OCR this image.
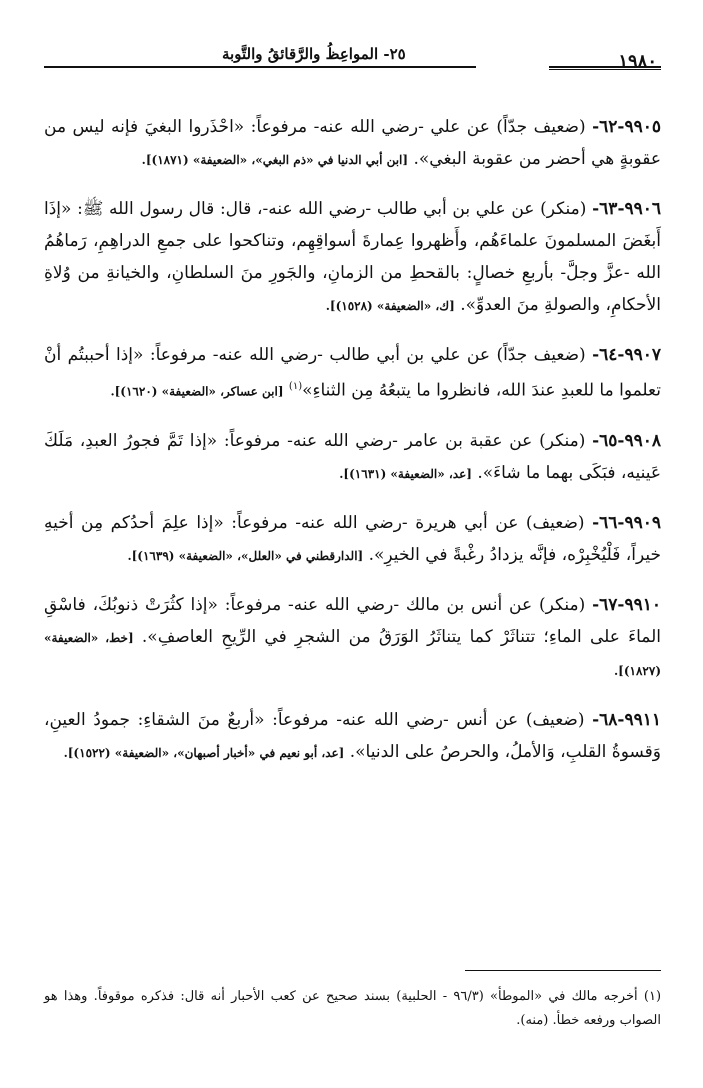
١٩٨٠
٢٥- المواعِظُ والرَّقائقُ والتَّوبة

٩٩٠٥-٦٢- (ضعيف جدّاً) عن علي -رضي الله عنه- مرفوعاً: «احْذَروا البغيَ فإنه ليس من عقوبةٍ هي أحضر من عقوبة البغي». [ابن أبي الدنيا في «ذم البغي»، «الضعيفة» (١٨٧١)].

٩٩٠٦-٦٣- (منكر) عن علي بن أبي طالب -رضي الله عنه-، قال: قال رسول الله ﷺ: «إذَا أَبغَضَ المسلمونَ علماءَهُم، وأَظهروا عِمارةَ أسواقِهِم، وتناكحوا على جمعِ الدراهِمِ، رَماهُمُ الله -عزَّ وجلَّ- بأربعِ خصالٍ: بالقحطِ من الزمانِ، والجَورِ منَ السلطانِ، والخيانةِ من وُلاةِ الأحكامِ، والصولةِ منَ العدوِّ». [ك، «الضعيفة» (١٥٢٨)].

٩٩٠٧-٦٤- (ضعيف جدّاً) عن علي بن أبي طالب -رضي الله عنه- مرفوعاً: «إذا أحببتُم أنْ تعلموا ما للعبدِ عندَ الله، فانظروا ما يتبعُهُ مِن الثناءِ»$^{(١)}$ [ابن عساكر، «الضعيفة» (١٦٢٠)].

٩٩٠٨-٦٥- (منكر) عن عقبة بن عامر -رضي الله عنه- مرفوعاً: «إذا تَمَّ فجورُ العبدِ، مَلَكَ عَينيه، فبَكَى بهما ما شاءَ». [عد، «الضعيفة» (١٦٣١)].

٩٩٠٩-٦٦- (ضعيف) عن أبي هريرة -رضي الله عنه- مرفوعاً: «إذا علِمَ أحدُكم مِن أخيهِ خيراً، فَلْيُخْبِرْه، فإنَّه يزدادُ رغْبةً في الخيرِ». [الدارقطني في «العلل»، «الضعيفة» (١٦٣٩)].

٩٩١٠-٦٧- (منكر) عن أنس بن مالك -رضي الله عنه- مرفوعاً: «إذا كثُرَتْ ذنوبُكَ، فاسْقِ الماءَ على الماءِ؛ تتناثَرْ كما يتناثَرُ الوَرَقُ من الشجرِ في الرِّيحِ العاصفِ». [خط، «الضعيفة» (١٨٢٧)].

٩٩١١-٦٨- (ضعيف) عن أنس -رضي الله عنه- مرفوعاً: «أربعٌ منَ الشقاءِ: جمودُ العينِ، وَقسوةُ القلبِ، وَالأملُ، والحرصُ على الدنيا». [عد، أبو نعيم في «أخبار أصبهان»، «الضعيفة» (١٥٢٢)].

(١) أخرجه مالك في «الموطأ» (٩٦/٣ - الحلبية) بسند صحيح عن كعب الأحبار أنه قال: فذكره موقوفاً. وهذا هو الصواب ورفعه خطأ. (منه).
